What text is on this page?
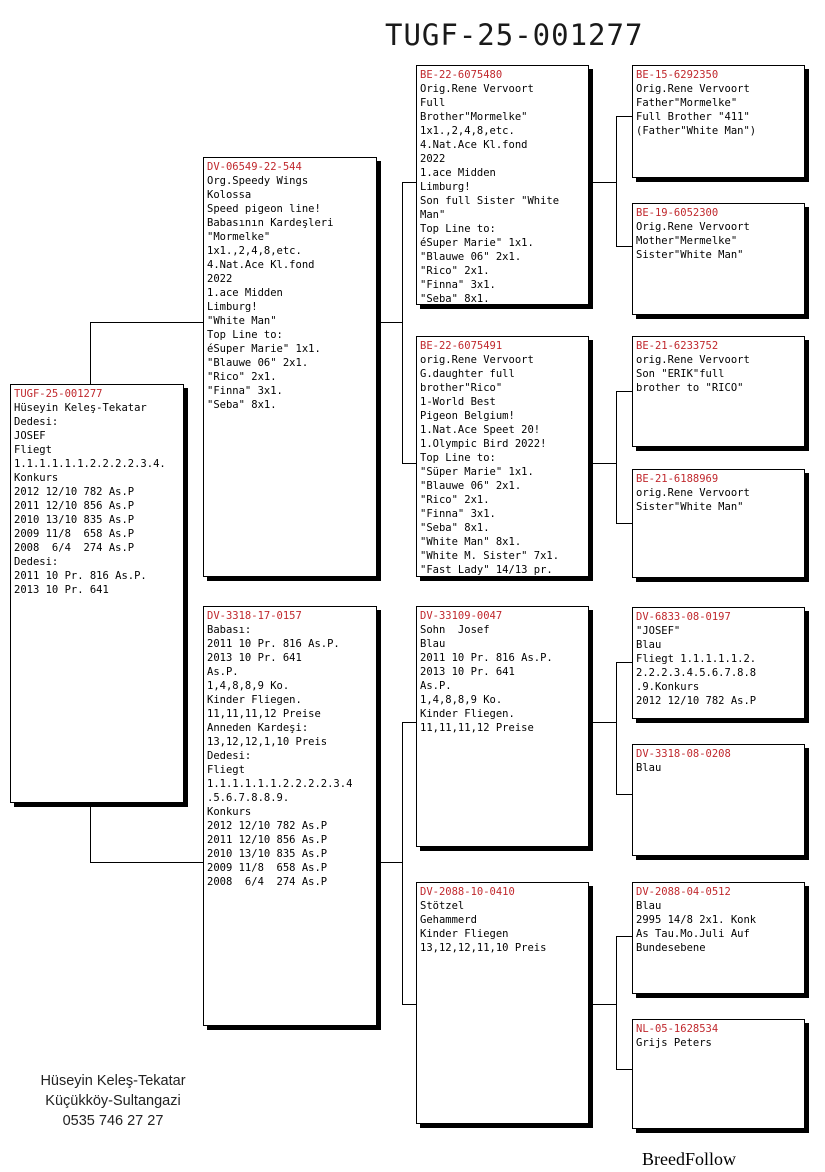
TUGF-25-001277
TUGF-25-001277
Hüseyin Keleş-Tekatar
Dedesi:
JOSEF
Fliegt
1.1.1.1.1.1.2.2.2.2.3.4.
Konkurs
2012 12/10 782 As.P
2011 12/10 856 As.P
2010 13/10 835 As.P
2009 11/8  658 As.P
2008  6/4  274 As.P
Dedesi:
2011 10 Pr. 816 As.P.
2013 10 Pr. 641
DV-06549-22-544
Org.Speedy Wings
Kolossa
Speed pigeon line!
Babasının Kardeşleri
"Mormelke"
1x1.,2,4,8,etc.
4.Nat.Ace Kl.fond
2022
1.ace Midden
Limburg!
"White Man"
Top Line to:
éSuper Marie" 1x1.
"Blauwe 06" 2x1.
"Rico" 2x1.
"Finna" 3x1.
"Seba" 8x1.
DV-3318-17-0157
Babası:
2011 10 Pr. 816 As.P.
2013 10 Pr. 641
As.P.
1,4,8,8,9 Ko.
Kinder Fliegen.
11,11,11,12 Preise
Anneden Kardeşi:
13,12,12,1,10 Preis
Dedesi:
Fliegt
1.1.1.1.1.1.2.2.2.2.3.4
.5.6.7.8.8.9.
Konkurs
2012 12/10 782 As.P
2011 12/10 856 As.P
2010 13/10 835 As.P
2009 11/8  658 As.P
2008  6/4  274 As.P
BE-22-6075480
Orig.Rene Vervoort
Full
Brother"Mormelke"
1x1.,2,4,8,etc.
4.Nat.Ace Kl.fond
2022
1.ace Midden
Limburg!
Son full Sister "White
Man"
Top Line to:
éSuper Marie" 1x1.
"Blauwe 06" 2x1.
"Rico" 2x1.
"Finna" 3x1.
"Seba" 8x1.
BE-22-6075491
orig.Rene Vervoort
G.daughter full
brother"Rico"
1-World Best
Pigeon Belgium!
1.Nat.Ace Speet 20!
1.Olympic Bird 2022!
Top Line to:
"Süper Marie" 1x1.
"Blauwe 06" 2x1.
"Rico" 2x1.
"Finna" 3x1.
"Seba" 8x1.
"White Man" 8x1.
"White M. Sister" 7x1.
"Fast Lady" 14/13 pr.
DV-33109-0047
Sohn  Josef
Blau
2011 10 Pr. 816 As.P.
2013 10 Pr. 641
As.P.
1,4,8,8,9 Ko.
Kinder Fliegen.
11,11,11,12 Preise
DV-2088-10-0410
Stötzel
Gehammerd
Kinder Fliegen
13,12,12,11,10 Preis
BE-15-6292350
Orig.Rene Vervoort
Father"Mormelke"
Full Brother "411"
(Father"White Man")
BE-19-6052300
Orig.Rene Vervoort
Mother"Mermelke"
Sister"White Man"
BE-21-6233752
orig.Rene Vervoort
Son "ERIK"full
brother to "RICO"
BE-21-6188969
orig.Rene Vervoort
Sister"White Man"
DV-6833-08-0197
"JOSEF"
Blau
Fliegt 1.1.1.1.1.2.
2.2.2.3.4.5.6.7.8.8
.9.Konkurs
2012 12/10 782 As.P
DV-3318-08-0208
Blau
DV-2088-04-0512
Blau
2995 14/8 2x1. Konk
As Tau.Mo.Juli Auf
Bundesebene
NL-05-1628534
Grijs Peters
Hüseyin Keleş-Tekatar
Küçükköy-Sultangazi
0535 746 27 27
BreedFollow
